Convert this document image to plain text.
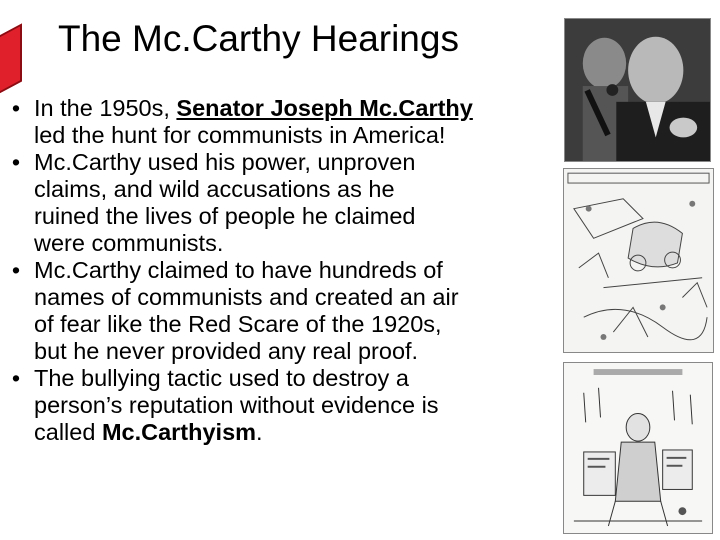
The Mc.Carthy Hearings
• In the 1950s, Senator Joseph Mc.Carthy
led the hunt for communists in America!
• Mc.Carthy used his power, unproven
claims, and wild accusations as he
ruined the lives of people he claimed
were communists.
• Mc.Carthy claimed to have hundreds of
names of communists and created an air
of fear like the Red Scare of the 1920s,
but he never provided any real proof.
• The bullying tactic used to destroy a
person’s reputation without evidence is
called Mc.Carthyism.
